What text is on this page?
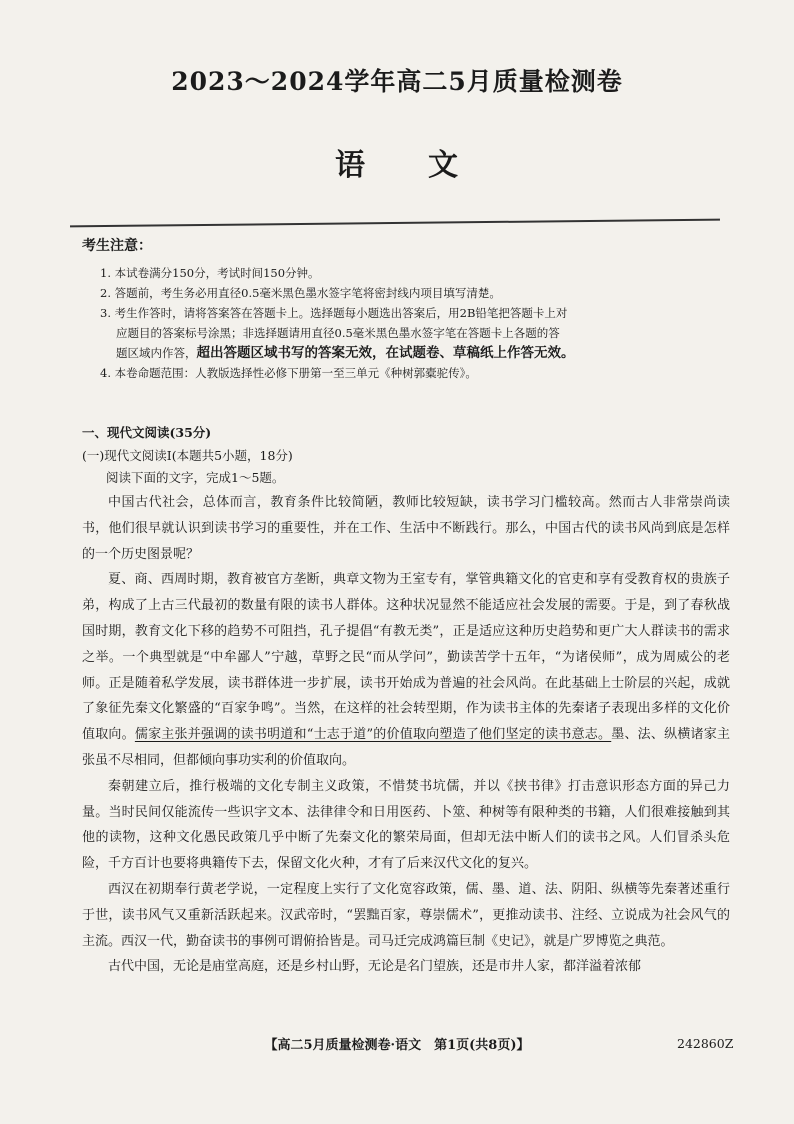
2023～2024学年高二5月质量检测卷
语　　文
考生注意：
1. 本试卷满分150分，考试时间150分钟。
2. 答题前，考生务必用直径0.5毫米黑色墨水签字笔将密封线内项目填写清楚。
3. 考生作答时，请将答案答在答题卡上。选择题每小题选出答案后，用2B铅笔把答题卡上对
应题目的答案标号涂黑；非选择题请用直径0.5毫米黑色墨水签字笔在答题卡上各题的答
题区域内作答，超出答题区域书写的答案无效，在试题卷、草稿纸上作答无效。
4. 本卷命题范围：人教版选择性必修下册第一至三单元《种树郭橐驼传》。
一、现代文阅读(35分)
(一)现代文阅读Ⅰ(本题共5小题，18分)
阅读下面的文字，完成1～5题。

中国古代社会，总体而言，教育条件比较简陋，教师比较短缺，读书学习门槛较高。然而古人非常崇尚读书，他们很早就认识到读书学习的重要性，并在工作、生活中不断践行。那么，中国古代的读书风尚到底是怎样的一个历史图景呢？

夏、商、西周时期，教育被官方垄断，典章文物为王室专有，掌管典籍文化的官吏和享有受教育权的贵族子弟，构成了上古三代最初的数量有限的读书人群体。这种状况显然不能适应社会发展的需要。于是，到了春秋战国时期，教育文化下移的趋势不可阻挡，孔子提倡“有教无类”，正是适应这种历史趋势和更广大人群读书的需求之举。一个典型就是“中牟鄙人”宁越，草野之民“而从学问”，勤读苦学十五年，“为诸侯师”，成为周威公的老师。正是随着私学发展，读书群体进一步扩展，读书开始成为普遍的社会风尚。在此基础上士阶层的兴起，成就了象征先秦文化繁盛的“百家争鸣”。当然，在这样的社会转型期，作为读书主体的先秦诸子表现出多样的文化价值取向。儒家主张并强调的读书明道和“士志于道”的价值取向塑造了他们坚定的读书意志。墨、法、纵横诸家主张虽不尽相同，但都倾向事功实利的价值取向。

秦朝建立后，推行极端的文化专制主义政策，不惜焚书坑儒，并以《挟书律》打击意识形态方面的异己力量。当时民间仅能流传一些识字文本、法律律令和日用医药、卜筮、种树等有限种类的书籍，人们很难接触到其他的读物，这种文化愚民政策几乎中断了先秦文化的繁荣局面，但却无法中断人们的读书之风。人们冒杀头危险，千方百计也要将典籍传下去，保留文化火种，才有了后来汉代文化的复兴。

西汉在初期奉行黄老学说，一定程度上实行了文化宽容政策，儒、墨、道、法、阴阳、纵横等先秦著述重行于世，读书风气又重新活跃起来。汉武帝时，“罢黜百家，尊崇儒术”，更推动读书、注经、立说成为社会风气的主流。西汉一代，勤奋读书的事例可谓俯拾皆是。司马迁完成鸿篇巨制《史记》，就是广罗博览之典范。

古代中国，无论是庙堂高庭，还是乡村山野，无论是名门望族，还是市井人家，都洋溢着浓郁

【高二5月质量检测卷·语文　第1页(共8页)】	242860Z
